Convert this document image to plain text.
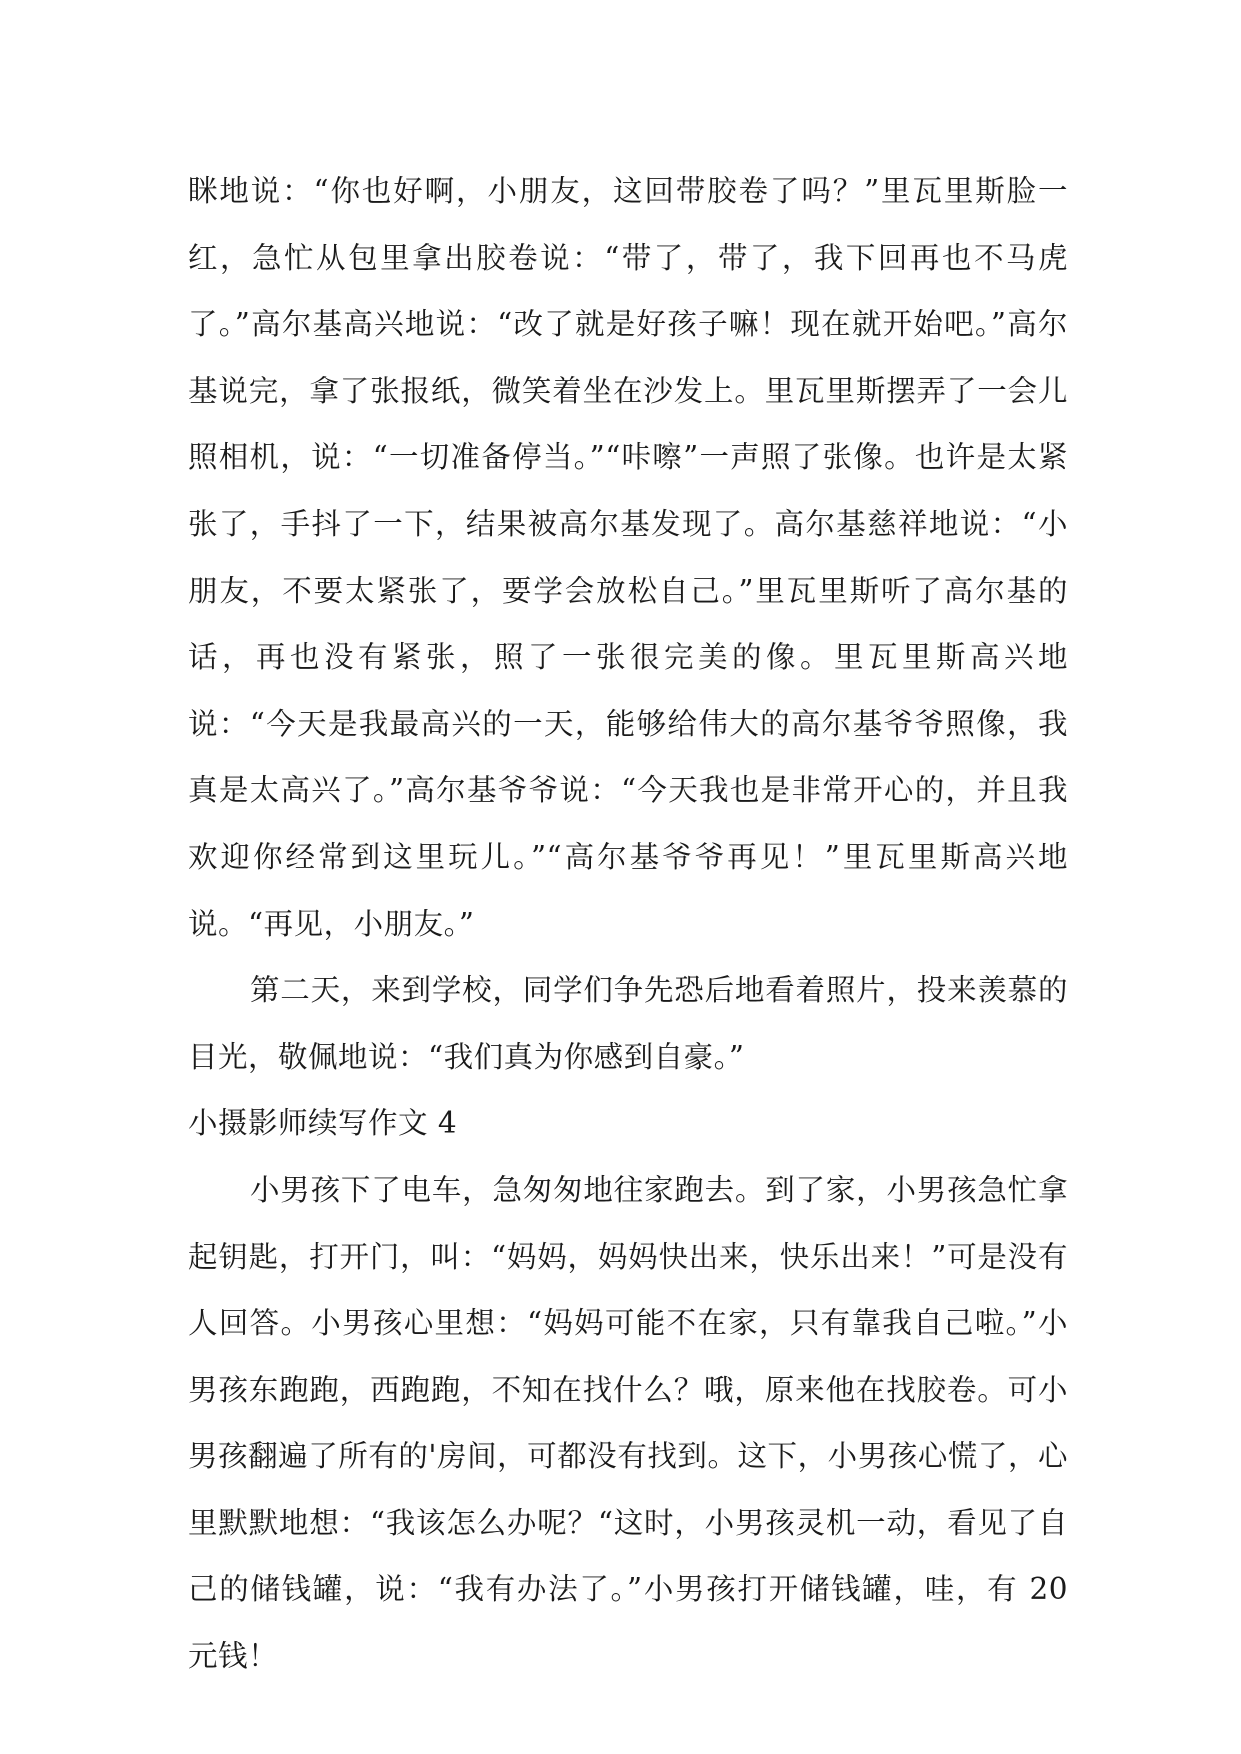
眯地说：“你也好啊，小朋友，这回带胶卷了吗？”里瓦里斯脸一红，急忙从包里拿出胶卷说：“带了，带了，我下回再也不马虎了。”高尔基高兴地说：“改了就是好孩子嘛！现在就开始吧。”高尔基说完，拿了张报纸，微笑着坐在沙发上。里瓦里斯摆弄了一会儿照相机，说：“一切准备停当。”“咔嚓”一声照了张像。也许是太紧张了，手抖了一下，结果被高尔基发现了。高尔基慈祥地说：“小朋友，不要太紧张了，要学会放松自己。”里瓦里斯听了高尔基的话，再也没有紧张，照了一张很完美的像。里瓦里斯高兴地说：“今天是我最高兴的一天，能够给伟大的高尔基爷爷照像，我真是太高兴了。”高尔基爷爷说：“今天我也是非常开心的，并且我欢迎你经常到这里玩儿。”“高尔基爷爷再见！”里瓦里斯高兴地说。“再见，小朋友。”

第二天，来到学校，同学们争先恐后地看着照片，投来羡慕的目光，敬佩地说：“我们真为你感到自豪。”

小摄影师续写作文 4

小男孩下了电车，急匆匆地往家跑去。到了家，小男孩急忙拿起钥匙，打开门，叫：“妈妈，妈妈快出来，快乐出来！”可是没有人回答。小男孩心里想：“妈妈可能不在家，只有靠我自己啦。”小男孩东跑跑，西跑跑，不知在找什么？哦，原来他在找胶卷。可小男孩翻遍了所有的'房间，可都没有找到。这下，小男孩心慌了，心里默默地想：“我该怎么办呢？“这时，小男孩灵机一动，看见了自己的储钱罐，说：“我有办法了。”小男孩打开储钱罐，哇，有 20 元钱！
